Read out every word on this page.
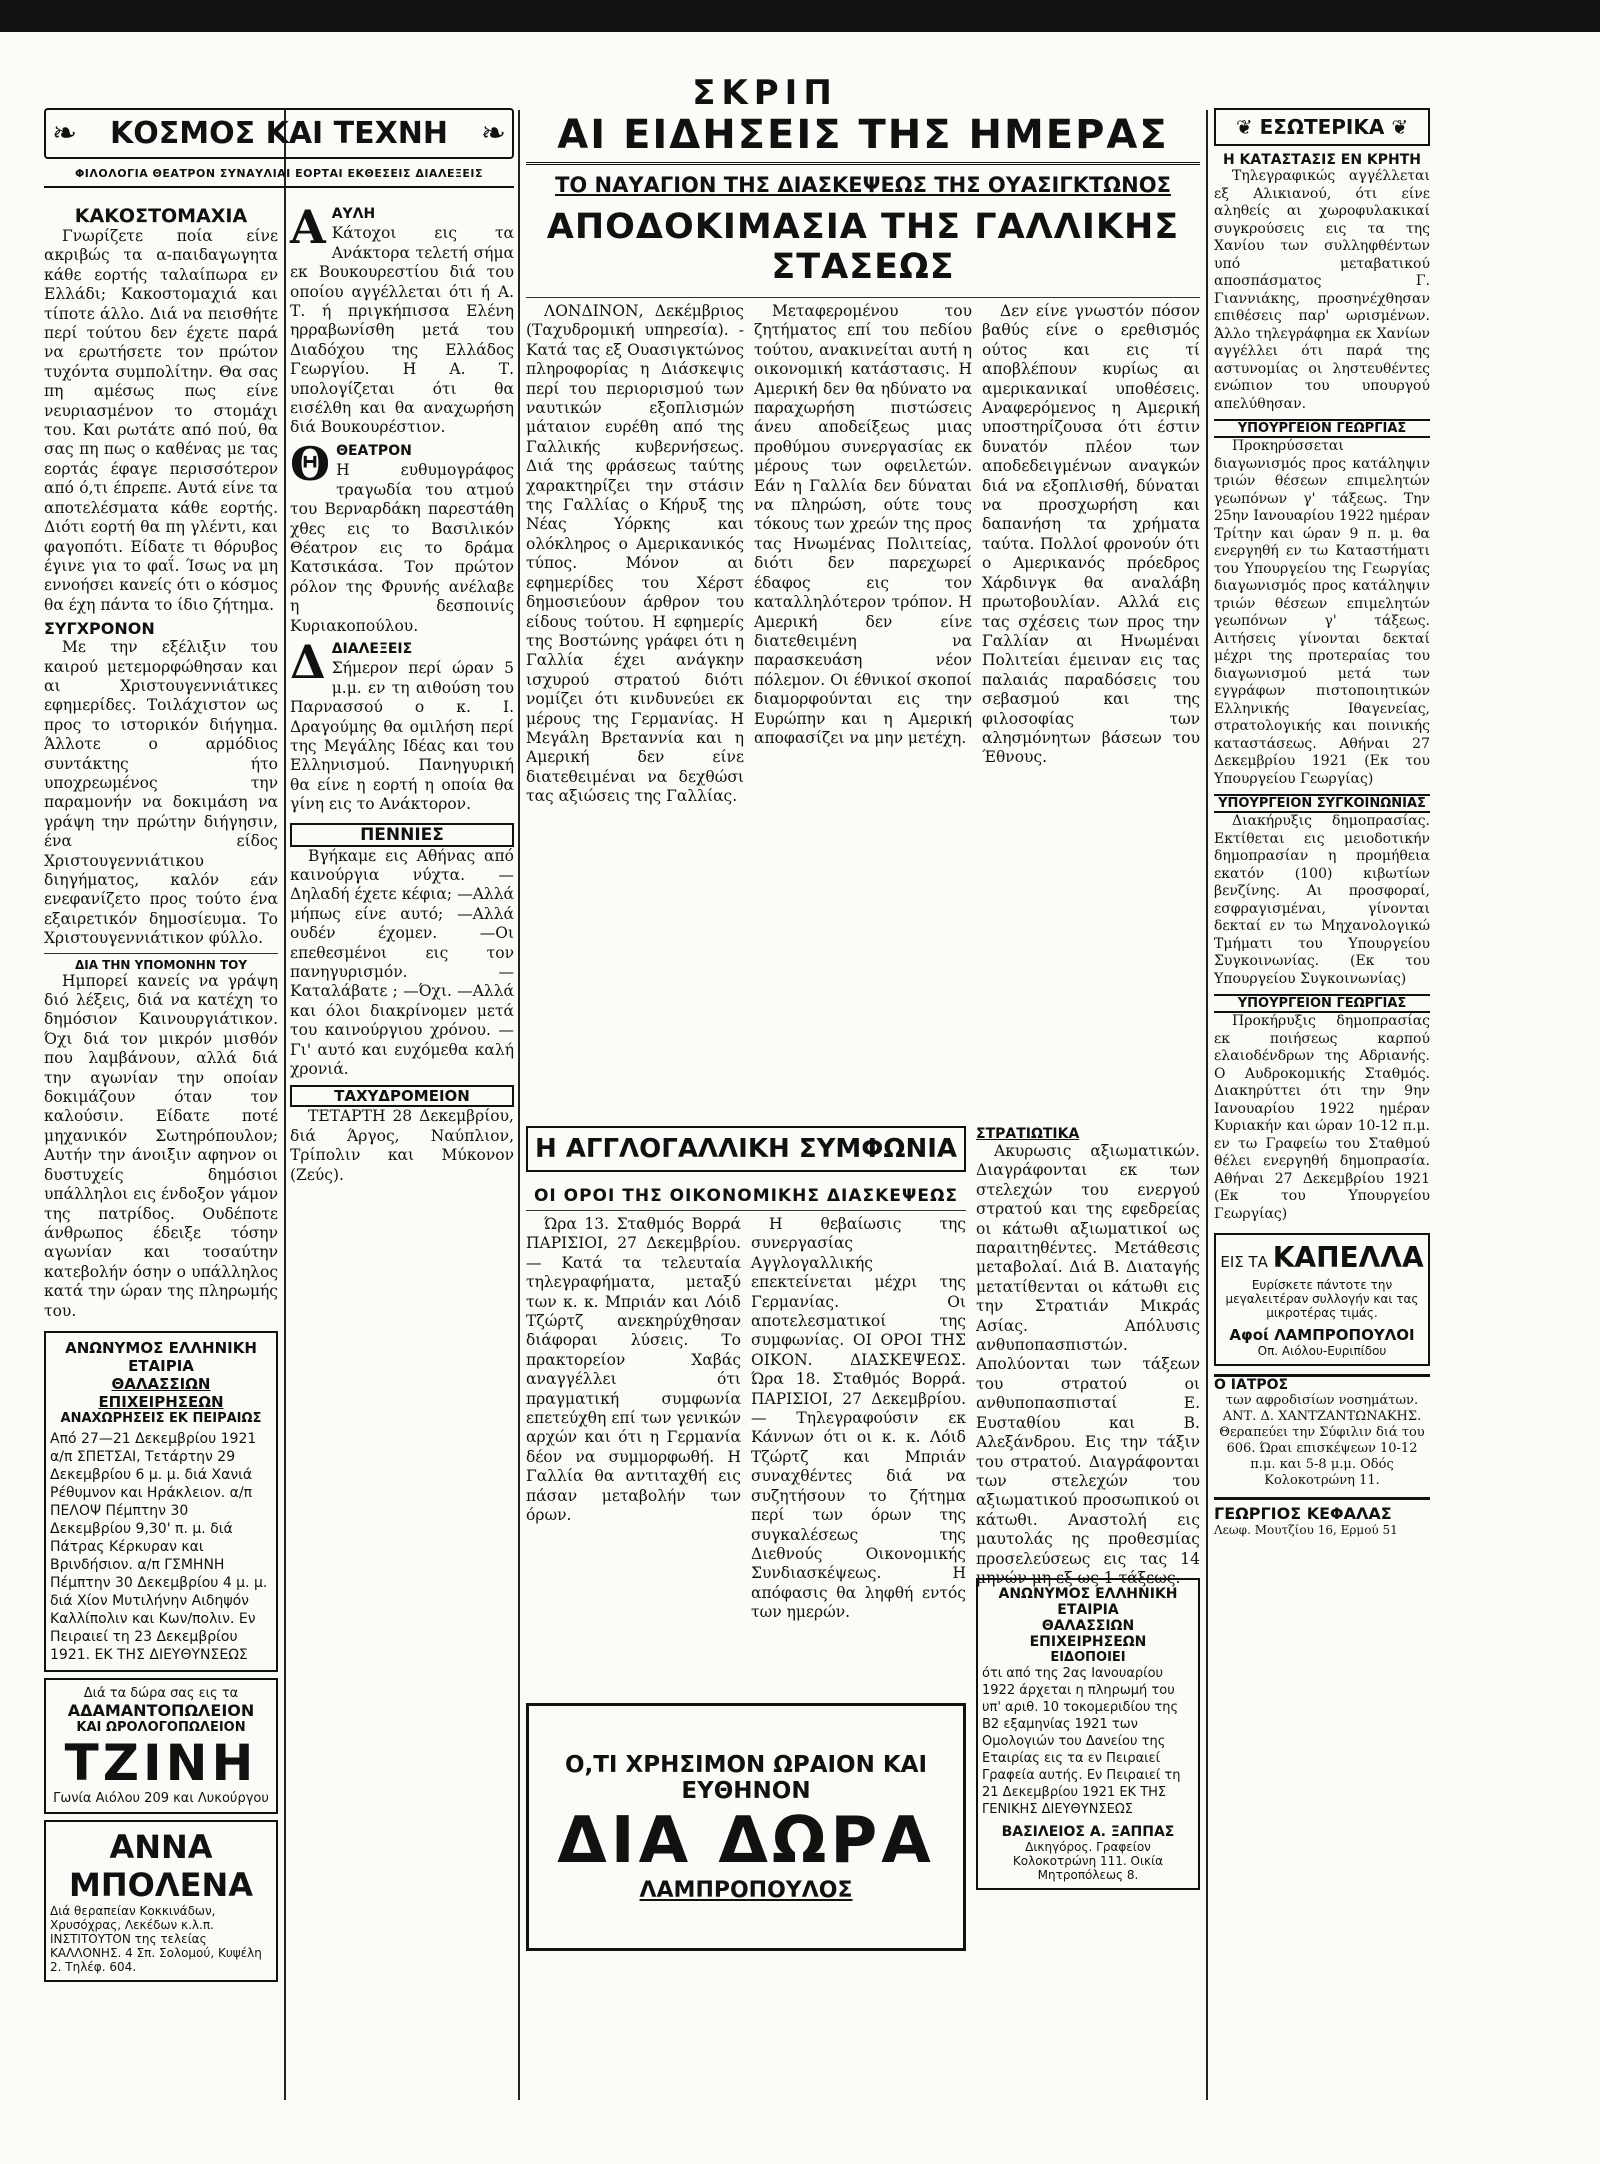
ΣΚΡΙΠ
❧ ΚΟΣΜΟΣ ΚΑΙ ΤΕΧΝΗ ❧
ΦΙΛΟΛΟΓΙΑ ΘΕΑΤΡΟΝ ΣΥΝΑΥΛΙΑΙ ΕΟΡΤΑΙ ΕΚΘΕΣΕΙΣ ΔΙΑΛΕΞΕΙΣ
ΚΑΚΟΣΤΟΜΑΧΙΑ

Γνωρίζετε ποία είνε ακριβώς τα α-παιδαγωγητα κάθε εορτής ταλαίπωρα εν Ελλάδι; Κακοστομαχιά και τίποτε άλλο. Διά να πεισθήτε περί τούτου δεν έχετε παρά να ερωτήσετε τον πρώτον τυχόντα συμπολίτην. Θα σας πη αμέσως πως είνε νευριασμένον το στομάχι του. Και ρωτάτε από πού, θα σας πη πως ο καθένας με τας εορτάς έφαγε περισσότερον από ό,τι έπρεπε. Αυτά είνε τα αποτελέσματα κάθε εορτής. Διότι εορτή θα πη γλέντι, και φαγοπότι. Είδατε τι θόρυβος έγινε για το φαΐ. Ίσως να μη εννοήσει κανείς ότι ο κόσμος θα έχη πάντα το ίδιο ζήτημα.

ΣΥΓΧΡΟΝΟΝ

Με την εξέλιξιν του καιρού μετεμορφώθησαν και αι Χριστουγεννιάτικες εφημερίδες. Τοιλάχιστον ως προς το ιστορικόν διήγημα. Άλλοτε ο αρμόδιος συντάκτης ήτο υποχρεωμένος την παραμονήν να δοκιμάση να γράψη την πρώτην διήγησιν, ένα είδος Χριστουγεννιάτικου διηγήματος, καλόν εάν ενεφανίζετο προς τούτο ένα εξαιρετικόν δημοσίευμα. Το Χριστουγεννιάτικον φύλλο.

ΔΙΑ ΤΗΝ ΥΠΟΜΟΝΗΝ ΤΟΥ

Ημπορεί κανείς να γράψη διό λέξεις, διά να κατέχη το δημόσιον Καινουργιάτικον. Όχι διά τον μικρόν μισθόν που λαμβάνουν, αλλά διά την αγωνίαν την οποίαν δοκιμάζουν όταν τον καλούσιν. Είδατε ποτέ μηχανικόν Σωτηρόπουλον; Αυτήν την άνοιξιν αφηνον οι δυστυχείς δημόσιοι υπάλληλοι εις ένδοξον γάμον της πατρίδος. Ουδέποτε άνθρωπος έδειξε τόσην αγωνίαν και τοσαύτην κατεβολήν όσην ο υπάλληλος κατά την ώραν της πληρωμής του.

ΑΝΩΝΥΜΟΣ ΕΛΛΗΝΙΚΗ ΕΤΑΙΡΙΑ
ΘΑΛΑΣΣΙΩΝ ΕΠΙΧΕΙΡΗΣΕΩΝ
ΑΝΑΧΩΡΗΣΕΙΣ ΕΚ ΠΕΙΡΑΙΩΣ
Από 27—21 Δεκεμβρίου 1921 α/π ΣΠΕΤΣΑΙ, Τετάρτην 29 Δεκεμβρίου 6 μ. μ. διά Χανιά Ρέθυμνον και Ηράκλειον. α/π ΠΕΛΟΨ Πέμπτην 30 Δεκεμβρίου 9,30' π. μ. διά Πάτρας Κέρκυραν και Βρινδήσιον. α/π ΓΣΜΗΝΗ Πέμπτην 30 Δεκεμβρίου 4 μ. μ. διά Χίον Μυτιλήνην Αιδηψόν Καλλίπολιν και Κων/πολιν. Εν Πειραιεί τη 23 Δεκεμβρίου 1921. ΕΚ ΤΗΣ ΔΙΕΥΘΥΝΣΕΩΣ
Διά τα δώρα σας εις τα
ΑΔΑΜΑΝΤΟΠΩΛΕΙΟΝ
ΚΑΙ ΩΡΟΛΟΓΟΠΩΛΕΙΟΝ
ΤΖΙΝΗ
Γωνία Αιόλου 209 και Λυκούργου
ΑΝΝΑ ΜΠΟΛΕΝΑ
Διά θεραπείαν Κοκκινάδων, Χρυσόχρας, Λεκέδων κ.λ.π. ΙΝΣΤΙΤΟΥΤΟΝ της τελείας ΚΑΛΛΟΝΗΣ. 4 Σπ. Σολομού, Κυψέλη 2. Τηλέφ. 604.
Α ΑΥΛΗ

Κάτοχοι εις τα Ανάκτορα τελετή σήμα εκ Βουκουρεστίου διά του οποίου αγγέλλεται ότι ή Α. Τ. ή πριγκήπισσα Ελένη ηρραβωνίσθη μετά του Διαδόχου της Ελλάδος Γεωργίου. Η Α. Τ. υπολογίζεται ότι θα εισέλθη και θα αναχωρήση διά Βουκουρέστιον.

Θ ΘΕΑΤΡΟΝ

Η ευθυμογράφος τραγωδία του ατμού του Βερναρδάκη παρεστάθη χθες εις το Βασιλικόν Θέατρον εις το δράμα Κατσικάσα. Τον πρώτον ρόλον της Φρυνής ανέλαβε η δεσποινίς Κυριακοπούλου.

Δ ΔΙΑΛΕΞΕΙΣ

Σήμερον περί ώραν 5 μ.μ. εν τη αιθούση του Παρνασσού ο κ. Ι. Δραγούμης θα ομιλήση περί της Μεγάλης Ιδέας και του Ελληνισμού. Πανηγυρική θα είνε η εορτή η οποία θα γίνη εις το Ανάκτορον.

ΠΕΝΝΙΕΣ

Βγήκαμε εις Αθήνας από καινούργια νύχτα. —Δηλαδή έχετε κέφια; —Αλλά μήπως είνε αυτό; —Αλλά ουδέν έχομεν. —Οι επεθεσμένοι εις τον πανηγυρισμόν. —Καταλάβατε ; —Όχι. —Αλλά και όλοι διακρίνομεν μετά του καινούργιου χρόνου. —Γι' αυτό και ευχόμεθα καλή χρονιά.

ΤΑΧΥΔΡΟΜΕΙΟΝ

ΤΕΤΑΡΤΗ 28 Δεκεμβρίου, διά Άργος, Ναύπλιον, Τρίπολιν και Μύκονον (Ζεύς).

ΑΙ ΕΙΔΗΣΕΙΣ ΤΗΣ ΗΜΕΡΑΣ
ΤΟ ΝΑΥΑΓΙΟΝ ΤΗΣ ΔΙΑΣΚΕΨΕΩΣ ΤΗΣ ΟΥΑΣΙΓΚΤΩΝΟΣ
ΑΠΟΔΟΚΙΜΑΣΙΑ ΤΗΣ ΓΑΛΛΙΚΗΣ ΣΤΑΣΕΩΣ

ΛΟΝΔΙΝΟΝ, Δεκέμβριος (Ταχυδρομική υπηρεσία). - Κατά τας εξ Ουασιγκτώνος πληροφορίας η Διάσκεψις περί του περιορισμού των ναυτικών εξοπλισμών μάταιον ευρέθη από της Γαλλικής κυβερνήσεως. Διά της φράσεως ταύτης χαρακτηρίζει την στάσιν της Γαλλίας ο Κήρυξ της Νέας Υόρκης και ολόκληρος ο Αμερικανικός τύπος. Μόνον αι εφημερίδες του Χέρστ δημοσιεύουν άρθρον του είδους τούτου. Η εφημερίς της Βοστώνης γράφει ότι η Γαλλία έχει ανάγκην ισχυρού στρατού διότι νομίζει ότι κινδυνεύει εκ μέρους της Γερμανίας. Η Μεγάλη Βρεταννία και η Αμερική δεν είνε διατεθειμέναι να δεχθώσι τας αξιώσεις της Γαλλίας.

Μεταφερομένου του ζητήματος επί του πεδίου τούτου, ανακινείται αυτή η οικονομική κατάστασις. Η Αμερική δεν θα ηδύνατο να παραχωρήση πιστώσεις άνευ αποδείξεως μιας προθύμου συνεργασίας εκ μέρους των οφειλετών. Εάν η Γαλλία δεν δύναται να πληρώση, ούτε τους τόκους των χρεών της προς τας Ηνωμένας Πολιτείας, διότι δεν παρεχωρεί έδαφος εις τον καταλληλότερον τρόπον. Η Αμερική δεν είνε διατεθειμένη να παρασκευάση νέον πόλεμον. Οι έθνικοί σκοποί διαμορφούνται εις την Ευρώπην και η Αμερική αποφασίζει να μην μετέχη.

Δεν είνε γνωστόν πόσον βαθύς είνε ο ερεθισμός ούτος και εις τί αποβλέπουν κυρίως αι αμερικανικαί υποθέσεις. Αναφερόμενος η Αμερική υποστηρίζουσα ότι έστιν δυνατόν πλέον των αποδεδειγμένων αναγκών διά να εξοπλισθή, δύναται να προσχωρήση και δαπανήση τα χρήματα ταύτα. Πολλοί φρονούν ότι ο Αμερικανός πρόεδρος Χάρδινγκ θα αναλάβη πρωτοβουλίαν. Αλλά εις τας σχέσεις των προς την Γαλλίαν αι Ηνωμέναι Πολιτείαι έμειναν εις τας παλαιάς παραδόσεις του σεβασμού και της φιλοσοφίας των αλησμόνητων βάσεων του Έθνους.

Η ΑΓΓΛΟΓΑΛΛΙΚΗ ΣΥΜΦΩΝΙΑ
ΟΙ ΟΡΟΙ ΤΗΣ ΟΙΚΟΝΟΜΙΚΗΣ ΔΙΑΣΚΕΨΕΩΣ

Ώρα 13. Σταθμός Βορρά ΠΑΡΙΣΙΟΙ, 27 Δεκεμβρίου. — Κατά τα τελευταία τηλεγραφήματα, μεταξύ των κ. κ. Μπριάν και Λόιδ Τζώρτζ ανεκηρύχθησαν διάφοραι λύσεις. Το πρακτορείον Χαβάς αναγγέλλει ότι πραγματική συμφωνία επετεύχθη επί των γενικών αρχών και ότι η Γερμανία δέον να συμμορφωθή. Η Γαλλία θα αντιταχθή εις πάσαν μεταβολήν των όρων.

Η θεβαίωσις της συνεργασίας Αγγλογαλλικής επεκτείνεται μέχρι της Γερμανίας. Οι αποτελεσματικοί της συμφωνίας. ΟΙ ΟΡΟΙ ΤΗΣ ΟΙΚΟΝ. ΔΙΑΣΚΕΨΕΩΣ. Ώρα 18. Σταθμός Βορρά. ΠΑΡΙΣΙΟΙ, 27 Δεκεμβρίου. — Τηλεγραφούσιν εκ Κάννων ότι οι κ. κ. Λόιδ Τζώρτζ και Μπριάν συναχθέντες διά να συζητήσουν το ζήτημα περί των όρων της συγκαλέσεως της Διεθνούς Οικονομικής Συνδιασκέψεως. Η απόφασις θα ληφθή εντός των ημερών.

Ο,ΤΙ ΧΡΗΣΙΜΟΝ ΩΡΑΙΟΝ ΚΑΙ ΕΥΘΗΝΟΝ
ΔΙΑ ΔΩΡΑ
ΛΑΜΠΡΟΠΟΥΛΟΣ
ΣΤΡΑΤΙΩΤΙΚΑ

Ακυρωσις αξιωματικών. Διαγράφονται εκ των στελεχών του ενεργού στρατού και της εφεδρείας οι κάτωθι αξιωματικοί ως παραιτηθέντες. Μετάθεσις μεταβολαί. Διά Β. Διαταγής μετατίθενται οι κάτωθι εις την Στρατιάν Μικράς Ασίας. Απόλυσις ανθυποπασπιστών. Απολύονται των τάξεων του στρατού οι ανθυποπασπισταί Ε. Ευσταθίου και Β. Αλεξάνδρου. Εις την τάξιν του στρατού. Διαγράφονται των στελεχών του αξιωματικού προσωπικού οι κάτωθι. Αναστολή εις μαυτολάς ης προθεσμίας προσελεύσεως εις τας 14 μηνών μη εξ ως 1 τάξεως.

ΑΝΩΝΥΜΟΣ ΕΛΛΗΝΙΚΗ ΕΤΑΙΡΙΑ
ΘΑΛΑΣΣΙΩΝ ΕΠΙΧΕΙΡΗΣΕΩΝ
ΕΙΔΟΠΟΙΕΙ
ότι από της 2ας Ιανουαρίου 1922 άρχεται η πληρωμή του υπ' αριθ. 10 τοκομεριδίου της Β2 εξαμηνίας 1921 των Ομολογιών του Δανείου της Εταιρίας εις τα εν Πειραιεί Γραφεία αυτής. Εν Πειραιεί τη 21 Δεκεμβρίου 1921 ΕΚ ΤΗΣ ΓΕΝΙΚΗΣ ΔΙΕΥΘΥΝΣΕΩΣ
ΒΑΣΙΛΕΙΟΣ Α. ΞΑΠΠΑΣ
Δικηγόρος. Γραφείον Κολοκοτρώνη 111. Οικία Μητροπόλεως 8.
❦ ΕΣΩΤΕΡΙΚΑ ❦
Η ΚΑΤΑΣΤΑΣΙΣ ΕΝ ΚΡΗΤΗ

Τηλεγραφικώς αγγέλλεται εξ Αλικιανού, ότι είνε αληθείς αι χωροφυλακικαί συγκρούσεις εις τα της Χανίου των συλληφθέντων υπό μεταβατικού αποσπάσματος Γ. Γιαννιάκης, προσηνέχθησαν επιθέσεις παρ' ωρισμένων. Άλλο τηλεγράφημα εκ Χανίων αγγέλλει ότι παρά της αστυνομίας οι ληστευθέντες ενώπιον του υπουργού απελύθησαν.

ΥΠΟΥΡΓΕΙΟΝ ΓΕΩΡΓΙΑΣ

Προκηρύσσεται διαγωνισμός προς κατάληψιν τριών θέσεων επιμελητών γεωπόνων γ' τάξεως. Την 25ην Ιανουαρίου 1922 ημέραν Τρίτην και ώραν 9 π. μ. θα ενεργηθή εν τω Καταστήματι του Υπουργείου της Γεωργίας διαγωνισμός προς κατάληψιν τριών θέσεων επιμελητών γεωπόνων γ' τάξεως. Αιτήσεις γίνονται δεκταί μέχρι της προτεραίας του διαγωνισμού μετά των εγγράφων πιστοποιητικών Ελληνικής Ιθαγενείας, στρατολογικής και ποινικής καταστάσεως. Αθήναι 27 Δεκεμβρίου 1921 (Εκ του Υπουργείου Γεωργίας)

ΥΠΟΥΡΓΕΙΟΝ ΣΥΓΚΟΙΝΩΝΙΑΣ

Διακήρυξις δημοπρασίας. Εκτίθεται εις μειοδοτικήν δημοπρασίαν η προμήθεια εκατόν (100) κιβωτίων βενζίνης. Αι προσφοραί, εσφραγισμέναι, γίνονται δεκταί εν τω Μηχανολογικώ Τμήματι του Υπουργείου Συγκοινωνίας. (Εκ του Υπουργείου Συγκοινωνίας)

ΥΠΟΥΡΓΕΙΟΝ ΓΕΩΡΓΙΑΣ

Προκήρυξις δημοπρασίας εκ ποιήσεως καρπού ελαιοδένδρων της Αδριανής. Ο Αυδροκομικής Σταθμός. Διακηρύττει ότι την 9ην Ιανουαρίου 1922 ημέραν Κυριακήν και ώραν 10-12 π.μ. εν τω Γραφείω του Σταθμού θέλει ενεργηθή δημοπρασία. Αθήναι 27 Δεκεμβρίου 1921 (Εκ του Υπουργείου Γεωργίας)

ΕΙΣ ΤΑ ΚΑΠΕΛΛΑ
Ευρίσκετε πάντοτε την μεγαλειτέραν συλλογήν και τας μικροτέρας τιμάς.
Αφοί ΛΑΜΠΡΟΠΟΥΛΟΙ
Οπ. Αιόλου-Ευριπίδου
Ο ΙΑΤΡΟΣ
των αφροδισίων νοσημάτων. ΑΝΤ. Δ. ΧΑΝΤΖΑΝΤΩΝΑΚΗΣ. Θεραπεύει την Σύφιλιν διά του 606. Ώραι επισκέψεων 10-12 π.μ. και 5-8 μ.μ. Οδός Κολοκοτρώνη 11.
ΓΕΩΡΓΙΟΣ ΚΕΦΑΛΑΣ
Λεωφ. Μουτζίου 16, Ερμού 51
